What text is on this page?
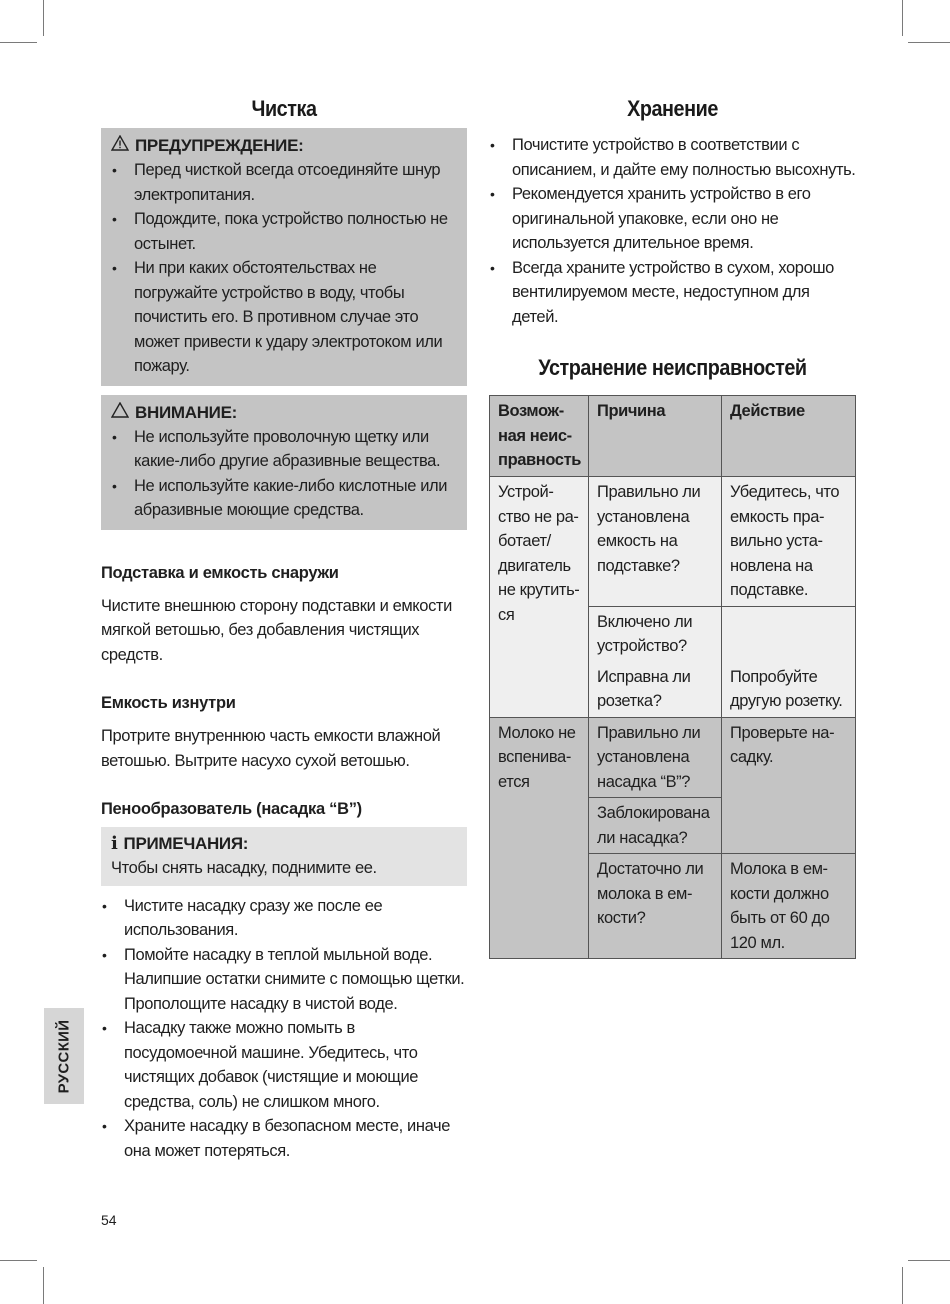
Чистка
ПРЕДУПРЕЖДЕНИЕ:
• Перед чисткой всегда отсоединяйте шнур электропитания.
• Подождите, пока устройство полностью не остынет.
• Ни при каких обстоятельствах не погружайте устройство в воду, чтобы почистить его. В противном случае это может привести к удару электротоком или пожару.
ВНИМАНИЕ:
• Не используйте проволочную щетку или какие-либо другие абразивные вещества.
• Не используйте какие-либо кислотные или абразивные моющие средства.
Подставка и емкость снаружи

Чистите внешнюю сторону подставки и емкости мягкой ветошью, без добавления чистящих средств.

Емкость изнутри

Протрите внутреннюю часть емкости влажной ветошью. Вытрите насухо сухой ветошью.

Пенообразователь (насадка “B”)
i ПРИМЕЧАНИЯ:
Чтобы снять насадку, поднимите ее.
• Чистите насадку сразу же после ее использования.
• Помойте насадку в теплой мыльной воде. Налипшие остатки снимите с помощью щетки. Прополощите насадку в чистой воде.
• Насадку также можно помыть в посудомоечной машине. Убедитесь, что чистящих добавок (чистящие и моющие средства, соль) не слишком много.
• Храните насадку в безопасном месте, иначе она может потеряться.
Хранение
• Почистите устройство в соответствии с описанием, и дайте ему полностью высохнуть.
• Рекомендуется хранить устройство в его оригинальной упаковке, если оно не используется длительное время.
• Всегда храните устройство в сухом, хорошо вентилируемом месте, недоступном для детей.
Устранение неисправностей
Возможная неисправность	Причина	Действие
Устройство не работает/ двигатель не крутиться	Правильно ли установлена емкость на подставке?	Убедитесь, что емкость правильно установлена на подставке.
	Включено ли устройство?	
	Исправна ли розетка?	Попробуйте другую розетку.
Молоко не вспенивается	Правильно ли установлена насадка “B”?	Проверьте насадку.
	Заблокирована ли насадка?	
	Достаточно ли молока в емкости?	Молока в емкости должно быть от 60 до 120 мл.
РУССКИЙ
54
